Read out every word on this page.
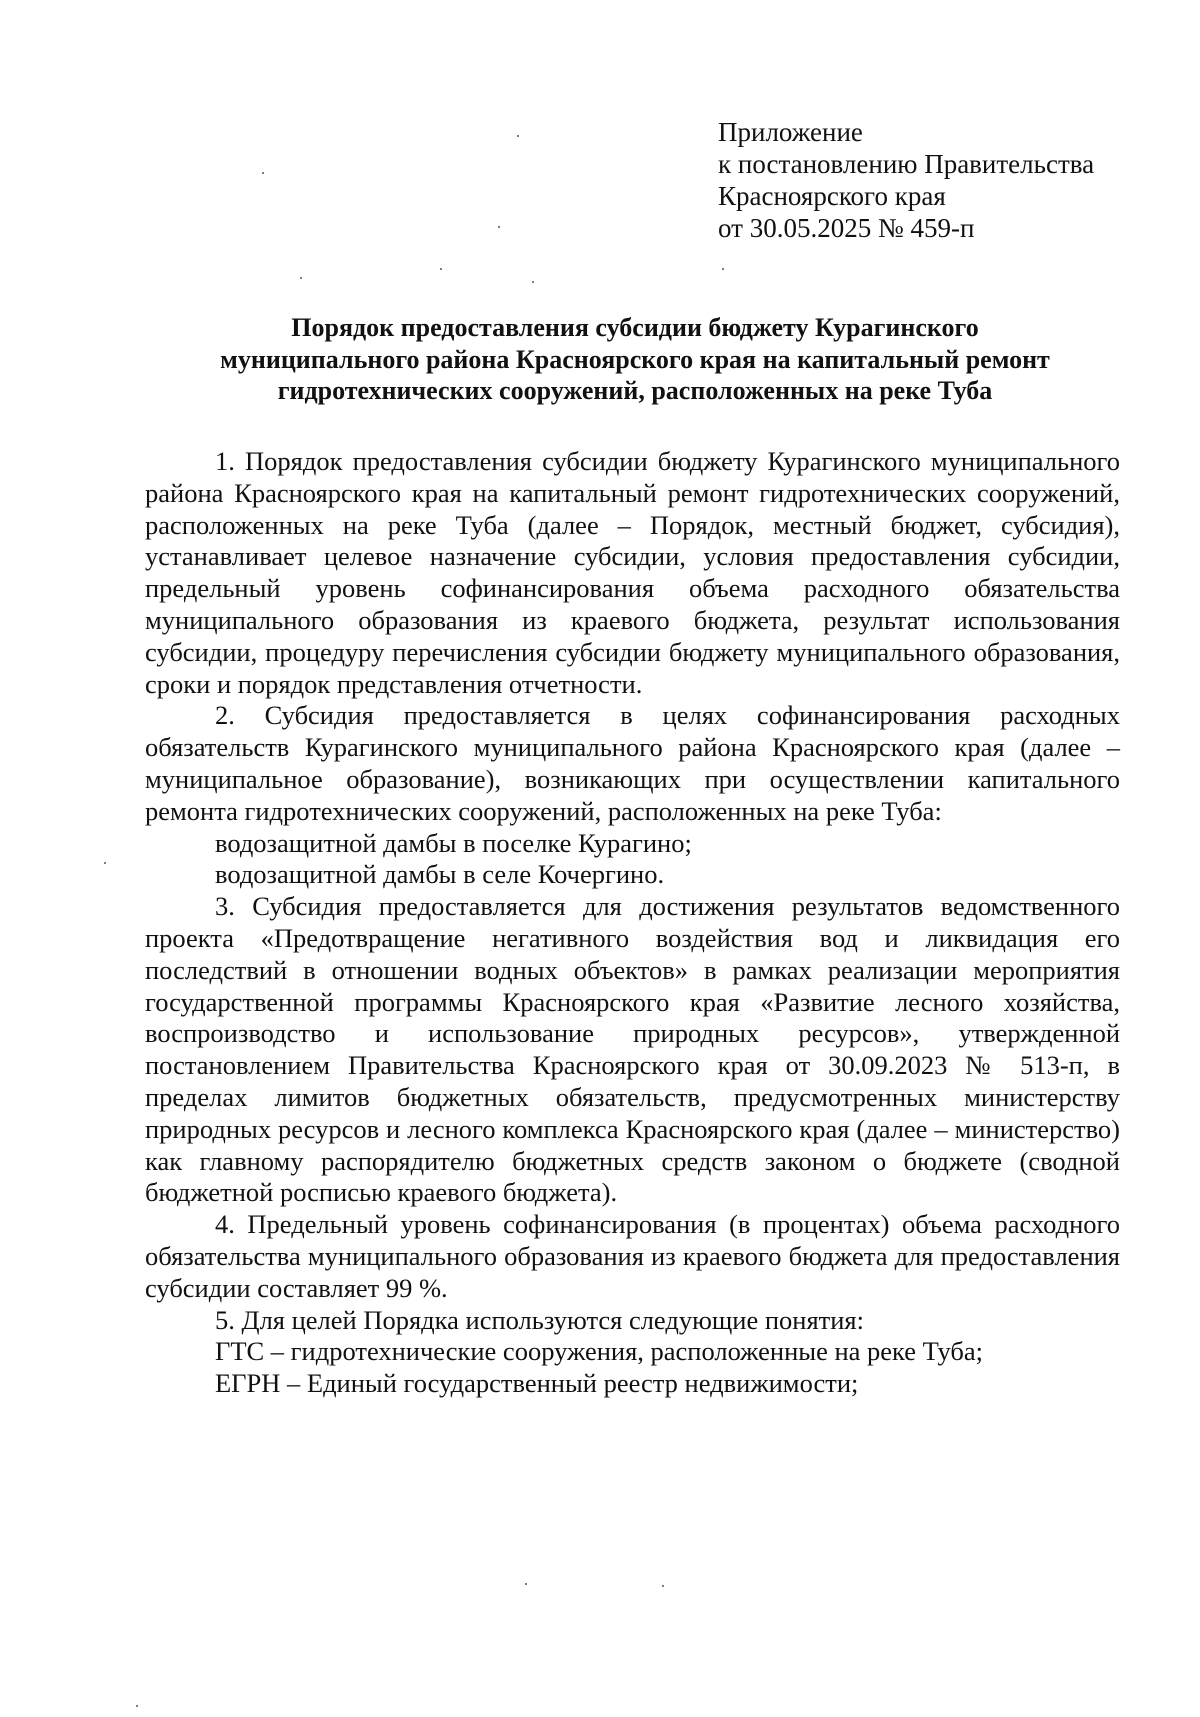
Приложение
к постановлению Правительства
Красноярского края
от 30.05.2025 № 459-п
Порядок предоставления субсидии бюджету Курагинского
муниципального района Красноярского края на капитальный ремонт
гидротехнических сооружений, расположенных на реке Туба

1. Порядок предоставления субсидии бюджету Курагинского муниципального района Красноярского края на капитальный ремонт гидротехнических сооружений, расположенных на реке Туба (далее – Порядок, местный бюджет, субсидия), устанавливает целевое назначение субсидии, условия предоставления субсидии, предельный уровень софинансирования объема расходного обязательства муниципального образования из краевого бюджета, результат использования субсидии, процедуру перечисления субсидии бюджету муниципального образования, сроки и порядок представления отчетности.

2. Субсидия предоставляется в целях софинансирования расходных обязательств Курагинского муниципального района Красноярского края (далее – муниципальное образование), возникающих при осуществлении капитального ремонта гидротехнических сооружений, расположенных на реке Туба:

водозащитной дамбы в поселке Курагино;

водозащитной дамбы в селе Кочергино.

3. Субсидия предоставляется для достижения результатов ведомственного проекта «Предотвращение негативного воздействия вод и ликвидация его последствий в отношении водных объектов» в рамках реализации мероприятия государственной программы Красноярского края «Развитие лесного хозяйства, воспроизводство и использование природных ресурсов», утвержденной постановлением Правительства Красноярского края от 30.09.2023 № 513-п, в пределах лимитов бюджетных обязательств, предусмотренных министерству природных ресурсов и лесного комплекса Красноярского края (далее – министерство) как главному распорядителю бюджетных средств законом о бюджете (сводной бюджетной росписью краевого бюджета).

4. Предельный уровень софинансирования (в процентах) объема расходного обязательства муниципального образования из краевого бюджета для предоставления субсидии составляет 99 %.

5. Для целей Порядка используются следующие понятия:

ГТС – гидротехнические сооружения, расположенные на реке Туба;

ЕГРН – Единый государственный реестр недвижимости;
